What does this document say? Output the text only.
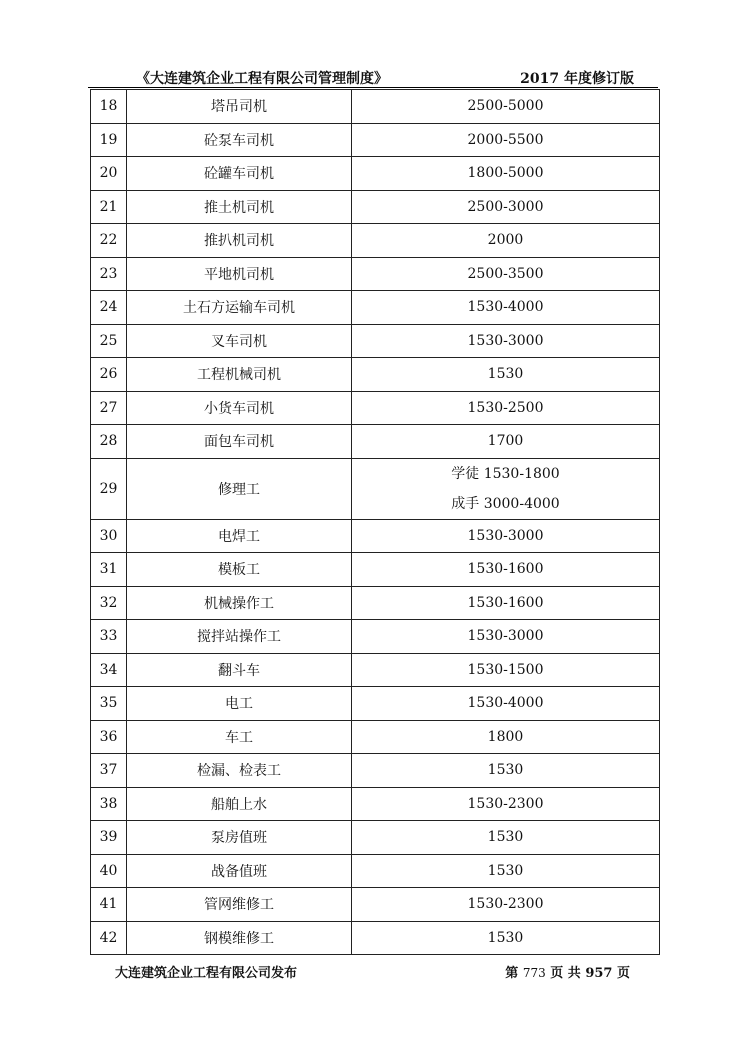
《大连建筑企业工程有限公司管理制度》	2017 年度修订版
18	塔吊司机	2500-5000

19	砼泵车司机	2000-5500

20	砼罐车司机	1800-5000

21	推土机司机	2500-3000

22	推扒机司机	2000

23	平地机司机	2500-3500

24	土石方运输车司机	1530-4000

25	叉车司机	1530-3000

26	工程机械司机	1530

27	小货车司机	1530-2500

28	面包车司机	1700

29	修理工	学徒 1530-1800
成手 3000-4000

30	电焊工	1530-3000

31	模板工	1530-1600

32	机械操作工	1530-1600

33	搅拌站操作工	1530-3000

34	翻斗车	1530-1500

35	电工	1530-4000

36	车工	1800

37	检漏、检表工	1530

38	船舶上水	1530-2300

39	泵房值班	1530

40	战备值班	1530

41	管网维修工	1530-2300

42	钢模维修工	1530
大连建筑企业工程有限公司发布	第 773 页 共 957 页
